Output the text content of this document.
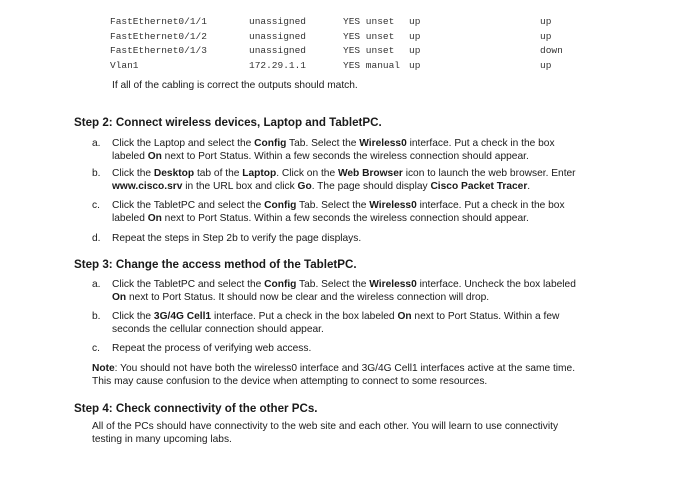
FastEthernet0/1/1	unassigned	YES unset up	up
FastEthernet0/1/2	unassigned	YES unset up	up
FastEthernet0/1/3	unassigned	YES unset up	down
Vlan1	172.29.1.1	YES manual up	up
If all of the cabling is correct the outputs should match.
Step 2: Connect wireless devices, Laptop and TabletPC.
a.	Click the Laptop and select the Config Tab. Select the Wireless0 interface. Put a check in the box
labeled On next to Port Status. Within a few seconds the wireless connection should appear.
b.	Click the Desktop tab of the Laptop. Click on the Web Browser icon to launch the web browser. Enter
www.cisco.srv in the URL box and click Go. The page should display Cisco Packet Tracer.
c.	Click the TabletPC and select the Config Tab. Select the Wireless0 interface. Put a check in the box
labeled On next to Port Status. Within a few seconds the wireless connection should appear.
d.	Repeat the steps in Step 2b to verify the page displays.
Step 3: Change the access method of the TabletPC.
a.	Click the TabletPC and select the Config Tab. Select the Wireless0 interface. Uncheck the box labeled
On next to Port Status. It should now be clear and the wireless connection will drop.
b.	Click the 3G/4G Cell1 interface. Put a check in the box labeled On next to Port Status. Within a few
seconds the cellular connection should appear.
c.	Repeat the process of verifying web access.
Note: You should not have both the wireless0 interface and 3G/4G Cell1 interfaces active at the same time.
This may cause confusion to the device when attempting to connect to some resources.
Step 4: Check connectivity of the other PCs.
All of the PCs should have connectivity to the web site and each other. You will learn to use connectivity
testing in many upcoming labs.
